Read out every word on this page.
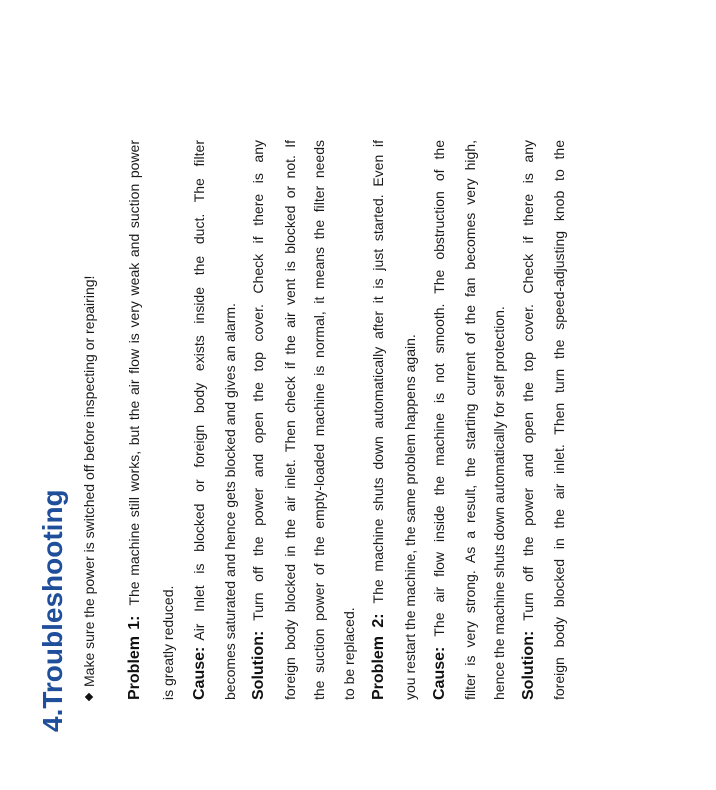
4.Troubleshooting Make sure the power is switched off before inspecting or repairing! Problem 1:The machine still works, but the air flow is very weak and suction power
is greatly reduced. Cause:Air Inlet is blocked or foreign body exists inside the duct. The filter becomes saturated and hence gets blocked and gives an alarm. Solution:Turn off the power and open the top cover. Check if there is any foreign body blocked in the air inlet. Then check if the air vent is blocked or not. If the suction power of the empty-loaded machine is normal, it means the filter needs to be replaced. Problem 2:The machine shuts down automatically after it is just started. Even if you restart the machine, the same problem happens again. Cause:The air flow inside the machine is not smooth. The obstruction of the filter is very strong. As a result, the starting current of the fan becomes very high, hence the machine shuts down automatically for self protection. Solution:Turn off the power and open the top cover. Check if there is any foreign body blocked in the air inlet. Then turn the speed-adjusting knob to the
